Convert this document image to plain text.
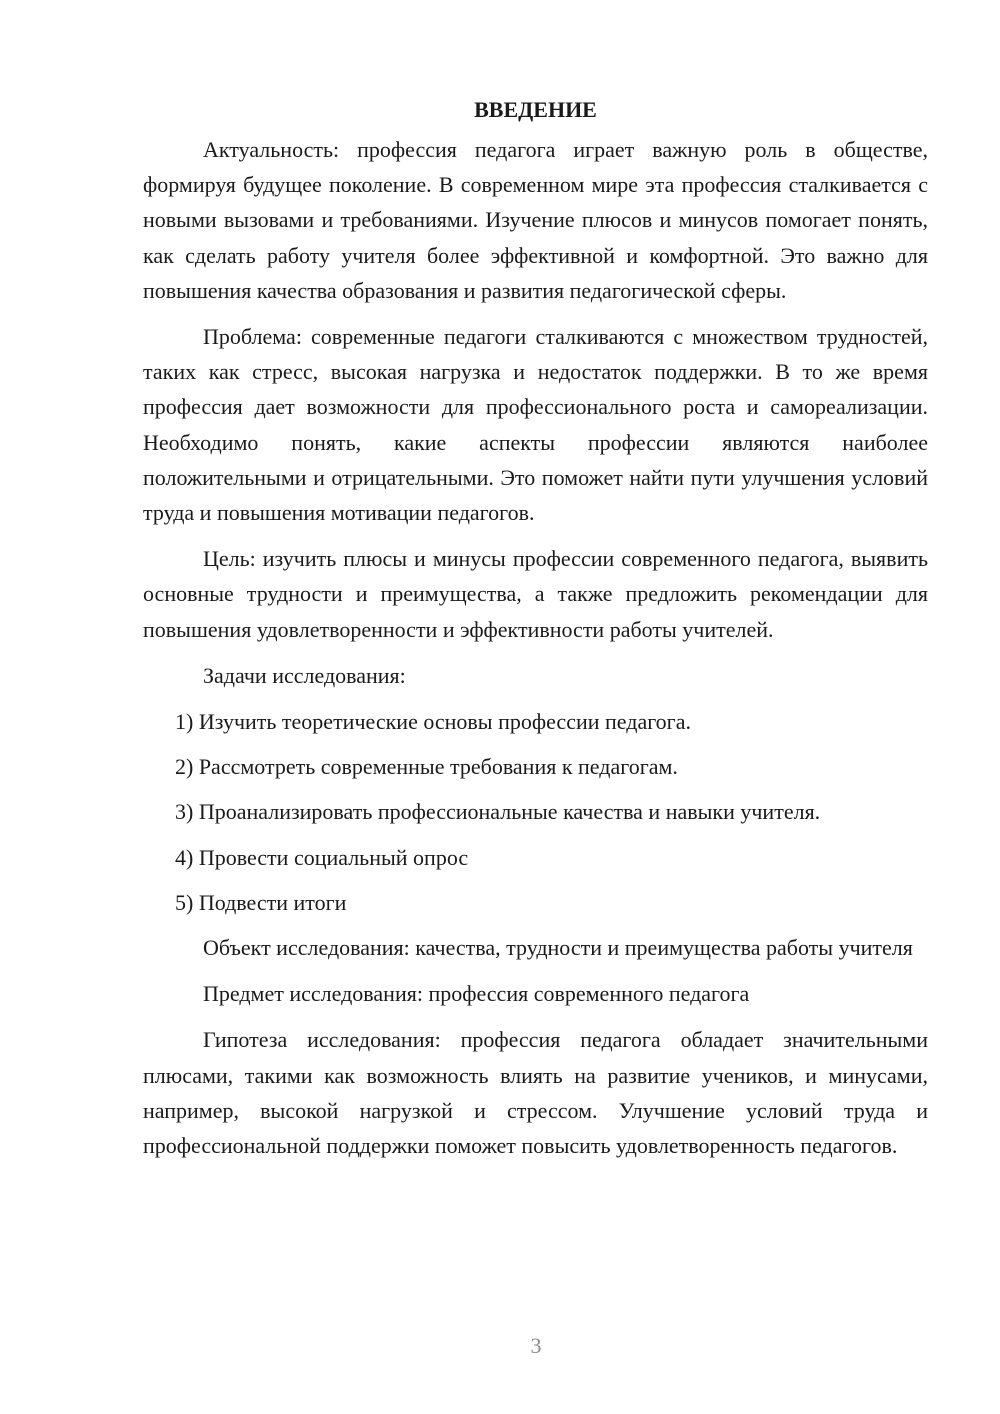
ВВЕДЕНИЕ

Актуальность: профессия педагога играет важную роль в обществе, формируя будущее поколение. В современном мире эта профессия сталкивается с новыми вызовами и требованиями. Изучение плюсов и минусов помогает понять, как сделать работу учителя более эффективной и комфортной. Это важно для повышения качества образования и развития педагогической сферы.

Проблема: современные педагоги сталкиваются с множеством трудностей, таких как стресс, высокая нагрузка и недостаток поддержки. В то же время профессия дает возможности для профессионального роста и самореализации. Необходимо понять, какие аспекты профессии являются наиболее положительными и отрицательными. Это поможет найти пути улучшения условий труда и повышения мотивации педагогов.

Цель: изучить плюсы и минусы профессии современного педагога, выявить основные трудности и преимущества, а также предложить рекомендации для повышения удовлетворенности и эффективности работы учителей.

Задачи исследования:

1) Изучить теоретические основы профессии педагога.
2) Рассмотреть современные требования к педагогам.
3) Проанализировать профессиональные качества и навыки учителя.
4) Провести социальный опрос
5) Подвести итоги

Объект исследования: качества, трудности и преимущества работы учителя

Предмет исследования: профессия современного педагога

Гипотеза исследования: профессия педагога обладает значительными плюсами, такими как возможность влиять на развитие учеников, и минусами, например, высокой нагрузкой и стрессом. Улучшение условий труда и профессиональной поддержки поможет повысить удовлетворенность педагогов.

3
